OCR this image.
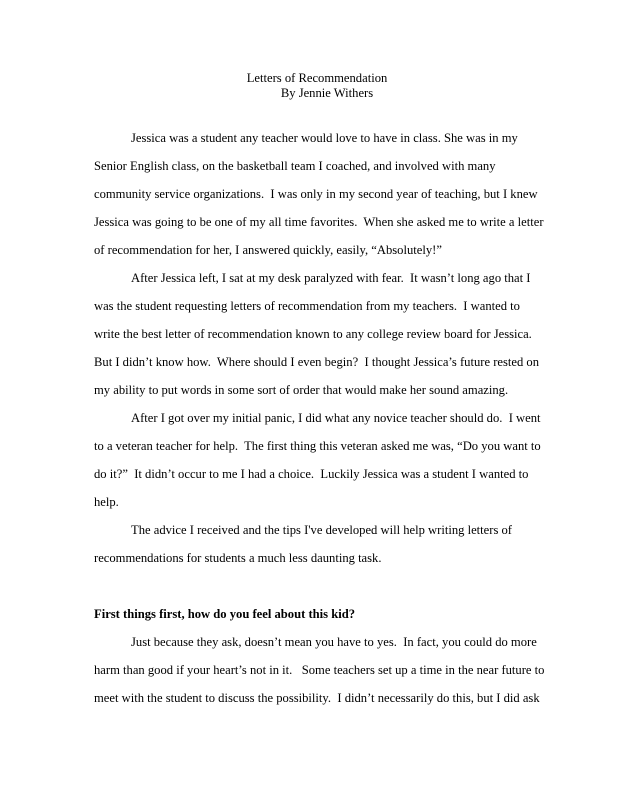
Letters of Recommendation
By Jennie Withers
Jessica was a student any teacher would love to have in class. She was in my
Senior English class, on the basketball team I coached, and involved with many
community service organizations.  I was only in my second year of teaching, but I knew
Jessica was going to be one of my all time favorites.  When she asked me to write a letter
of recommendation for her, I answered quickly, easily, “Absolutely!”
After Jessica left, I sat at my desk paralyzed with fear.  It wasn’t long ago that I
was the student requesting letters of recommendation from my teachers.  I wanted to
write the best letter of recommendation known to any college review board for Jessica.
But I didn’t know how.  Where should I even begin?  I thought Jessica’s future rested on
my ability to put words in some sort of order that would make her sound amazing.
After I got over my initial panic, I did what any novice teacher should do.  I went
to a veteran teacher for help.  The first thing this veteran asked me was, “Do you want to
do it?”  It didn’t occur to me I had a choice.  Luckily Jessica was a student I wanted to
help.
The advice I received and the tips I've developed will help writing letters of
recommendations for students a much less daunting task.
First things first, how do you feel about this kid?
Just because they ask, doesn’t mean you have to yes.  In fact, you could do more
harm than good if your heart’s not in it.   Some teachers set up a time in the near future to
meet with the student to discuss the possibility.  I didn’t necessarily do this, but I did ask
